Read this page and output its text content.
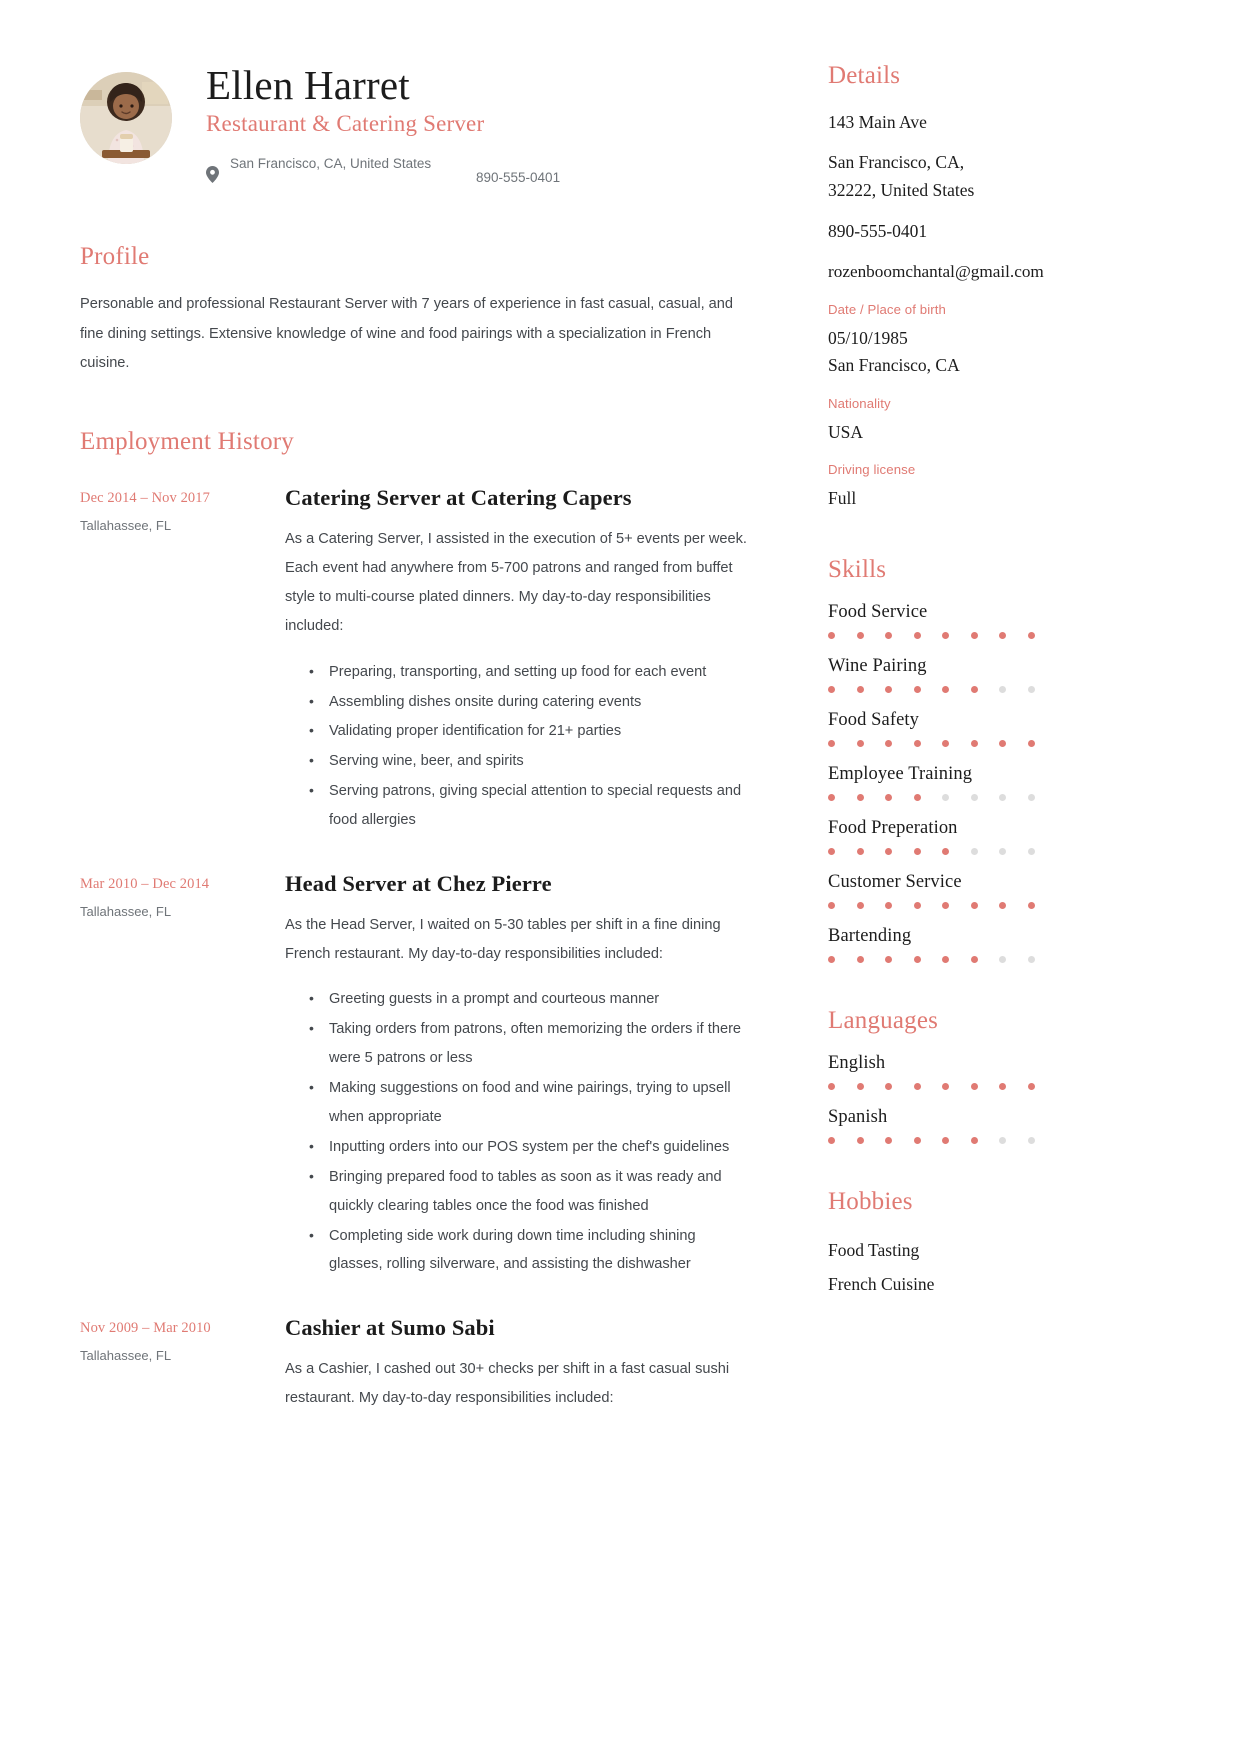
Ellen Harret
Restaurant & Catering Server
San Francisco, CA, United States
890-555-0401
Profile
Personable and professional Restaurant Server with 7 years of experience in fast casual, casual, and fine dining settings. Extensive knowledge of wine and food pairings with a specialization in French cuisine.
Employment History
Dec 2014 – Nov 2017
Tallahassee, FL
Catering Server at Catering Capers
As a Catering Server, I assisted in the execution of 5+ events per week. Each event had anywhere from 5-700 patrons and ranged from buffet style to multi-course plated dinners. My day-to-day responsibilities included:
• Preparing, transporting, and setting up food for each event
• Assembling dishes onsite during catering events
• Validating proper identification for 21+ parties
• Serving wine, beer, and spirits
• Serving patrons, giving special attention to special requests and food allergies
Mar 2010 – Dec 2014
Tallahassee, FL
Head Server at Chez Pierre
As the Head Server, I waited on 5-30 tables per shift in a fine dining French restaurant. My day-to-day responsibilities included:
• Greeting guests in a prompt and courteous manner
• Taking orders from patrons, often memorizing the orders if there were 5 patrons or less
• Making suggestions on food and wine pairings, trying to upsell when appropriate
• Inputting orders into our POS system per the chef's guidelines
• Bringing prepared food to tables as soon as it was ready and quickly clearing tables once the food was finished
• Completing side work during down time including shining glasses, rolling silverware, and assisting the dishwasher
Nov 2009 – Mar 2010
Tallahassee, FL
Cashier at Sumo Sabi
As a Cashier, I cashed out 30+ checks per shift in a fast casual sushi restaurant. My day-to-day responsibilities included:
Details
143 Main Ave
San Francisco, CA,
32222, United States
890-555-0401
rozenboomchantal@gmail.com
Date / Place of birth
05/10/1985
San Francisco, CA
Nationality
USA
Driving license
Full
Skills
Food Service
Wine Pairing
Food Safety
Employee Training
Food Preperation
Customer Service
Bartending
Languages
English
Spanish
Hobbies
Food Tasting
French Cuisine
